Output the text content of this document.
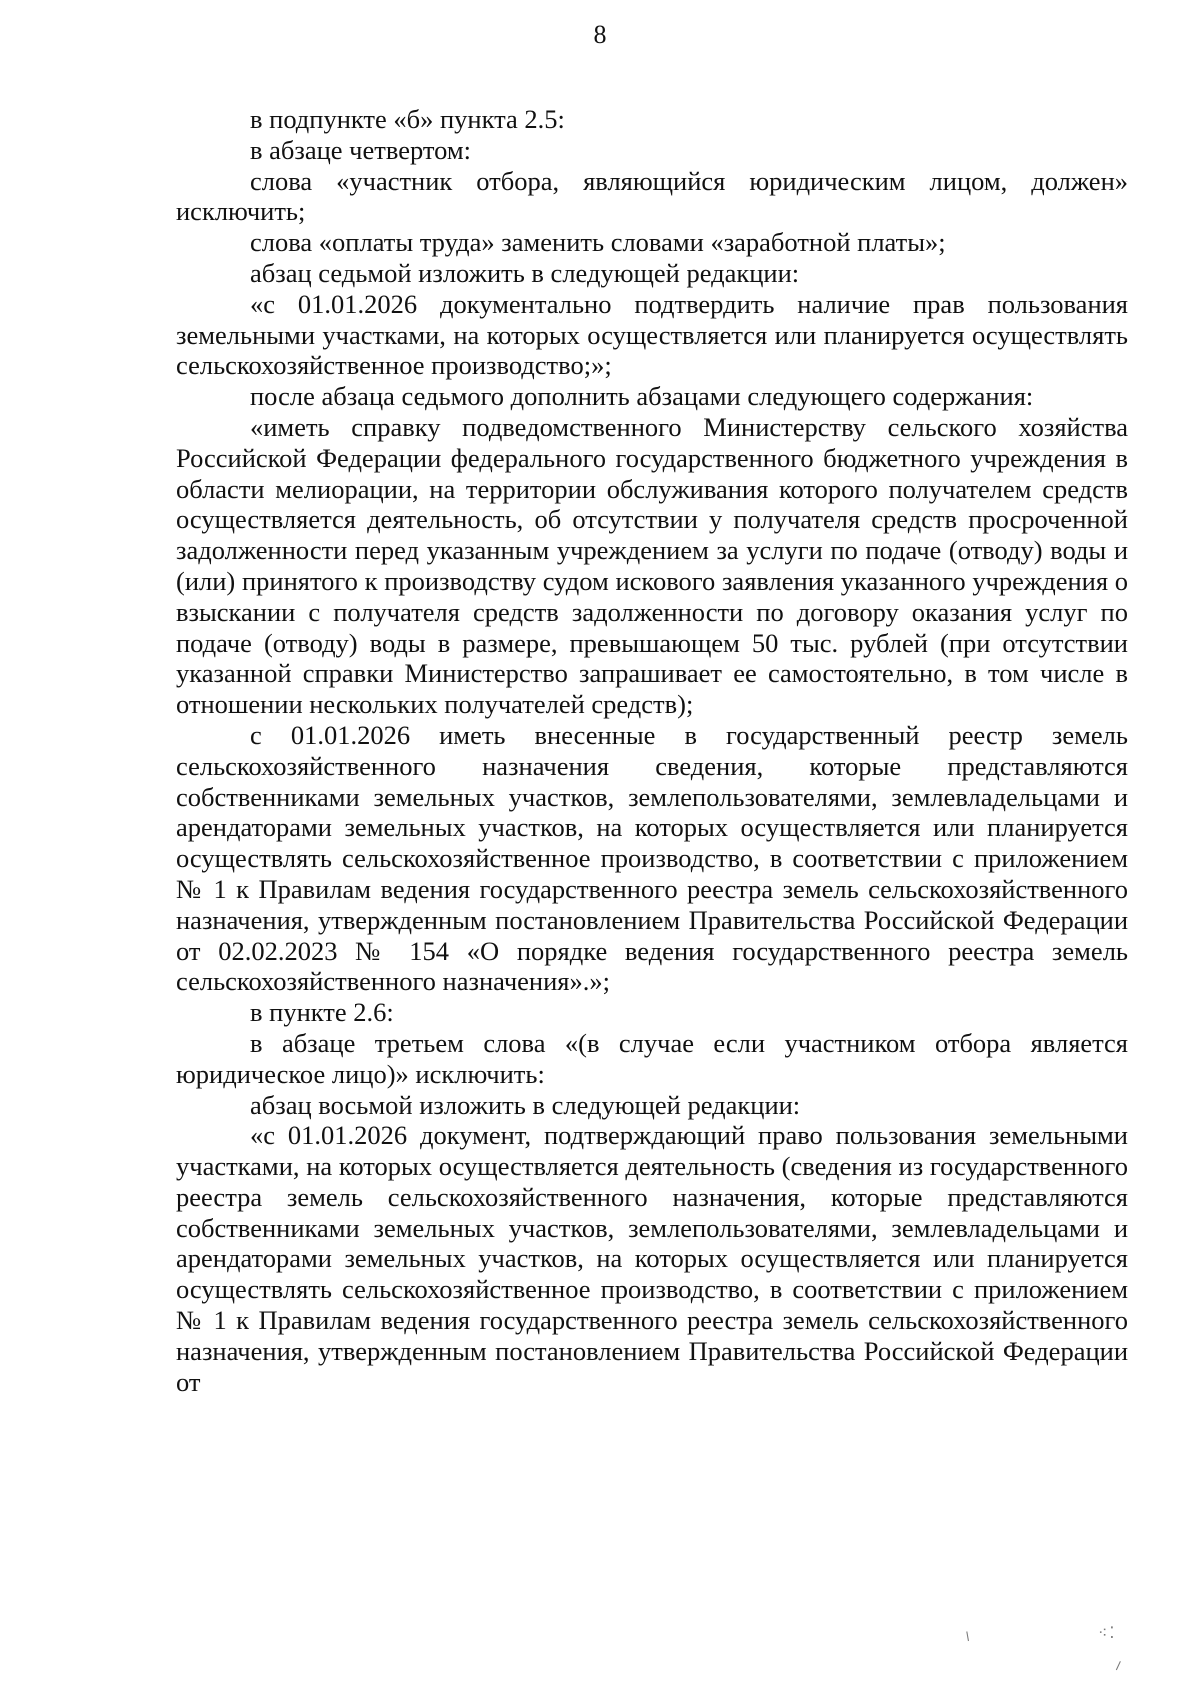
8

в подпункте «б» пункта 2.5:

в абзаце четвертом:

слова «участник отбора, являющийся юридическим лицом, должен» исключить;

слова «оплаты труда» заменить словами «заработной платы»;

абзац седьмой изложить в следующей редакции:

«с 01.01.2026 документально подтвердить наличие прав пользования земельными участками, на которых осуществляется или планируется осуществлять сельскохозяйственное производство;»;

после абзаца седьмого дополнить абзацами следующего содержания:

«иметь справку подведомственного Министерству сельского хозяйства Российской Федерации федерального государственного бюджетного учреждения в области мелиорации, на территории обслуживания которого получателем средств осуществляется деятельность, об отсутствии у получателя средств просроченной задолженности перед указанным учреждением за услуги по подаче (отводу) воды и (или) принятого к производству судом искового заявления указанного учреждения о взыскании с получателя средств задолженности по договору оказания услуг по подаче (отводу) воды в размере, превышающем 50 тыс. рублей (при отсутствии указанной справки Министерство запрашивает ее самостоятельно, в том числе в отношении нескольких получателей средств);

с 01.01.2026 иметь внесенные в государственный реестр земель сельскохозяйственного назначения сведения, которые представляются собственниками земельных участков, землепользователями, землевладельцами и арендаторами земельных участков, на которых осуществляется или планируется осуществлять сельскохозяйственное производство, в соответствии с приложением № 1 к Правилам ведения государственного реестра земель сельскохозяйственного назначения, утвержденным постановлением Правительства Российской Федерации от 02.02.2023 № 154 «О порядке ведения государственного реестра земель сельскохозяйственного назначения».»;

в пункте 2.6:

в абзаце третьем слова «(в случае если участником отбора является юридическое лицо)» исключить:

абзац восьмой изложить в следующей редакции:

«с 01.01.2026 документ, подтверждающий право пользования земельными участками, на которых осуществляется деятельность (сведения из государственного реестра земель сельскохозяйственного назначения, которые представляются собственниками земельных участков, землепользователями, землевладельцами и арендаторами земельных участков, на которых осуществляется или планируется осуществлять сельскохозяйственное производство, в соответствии с приложением № 1 к Правилам ведения государственного реестра земель сельскохозяйственного назначения, утвержденным постановлением Правительства Российской Федерации от

⸌	⁖⁚
⸝
